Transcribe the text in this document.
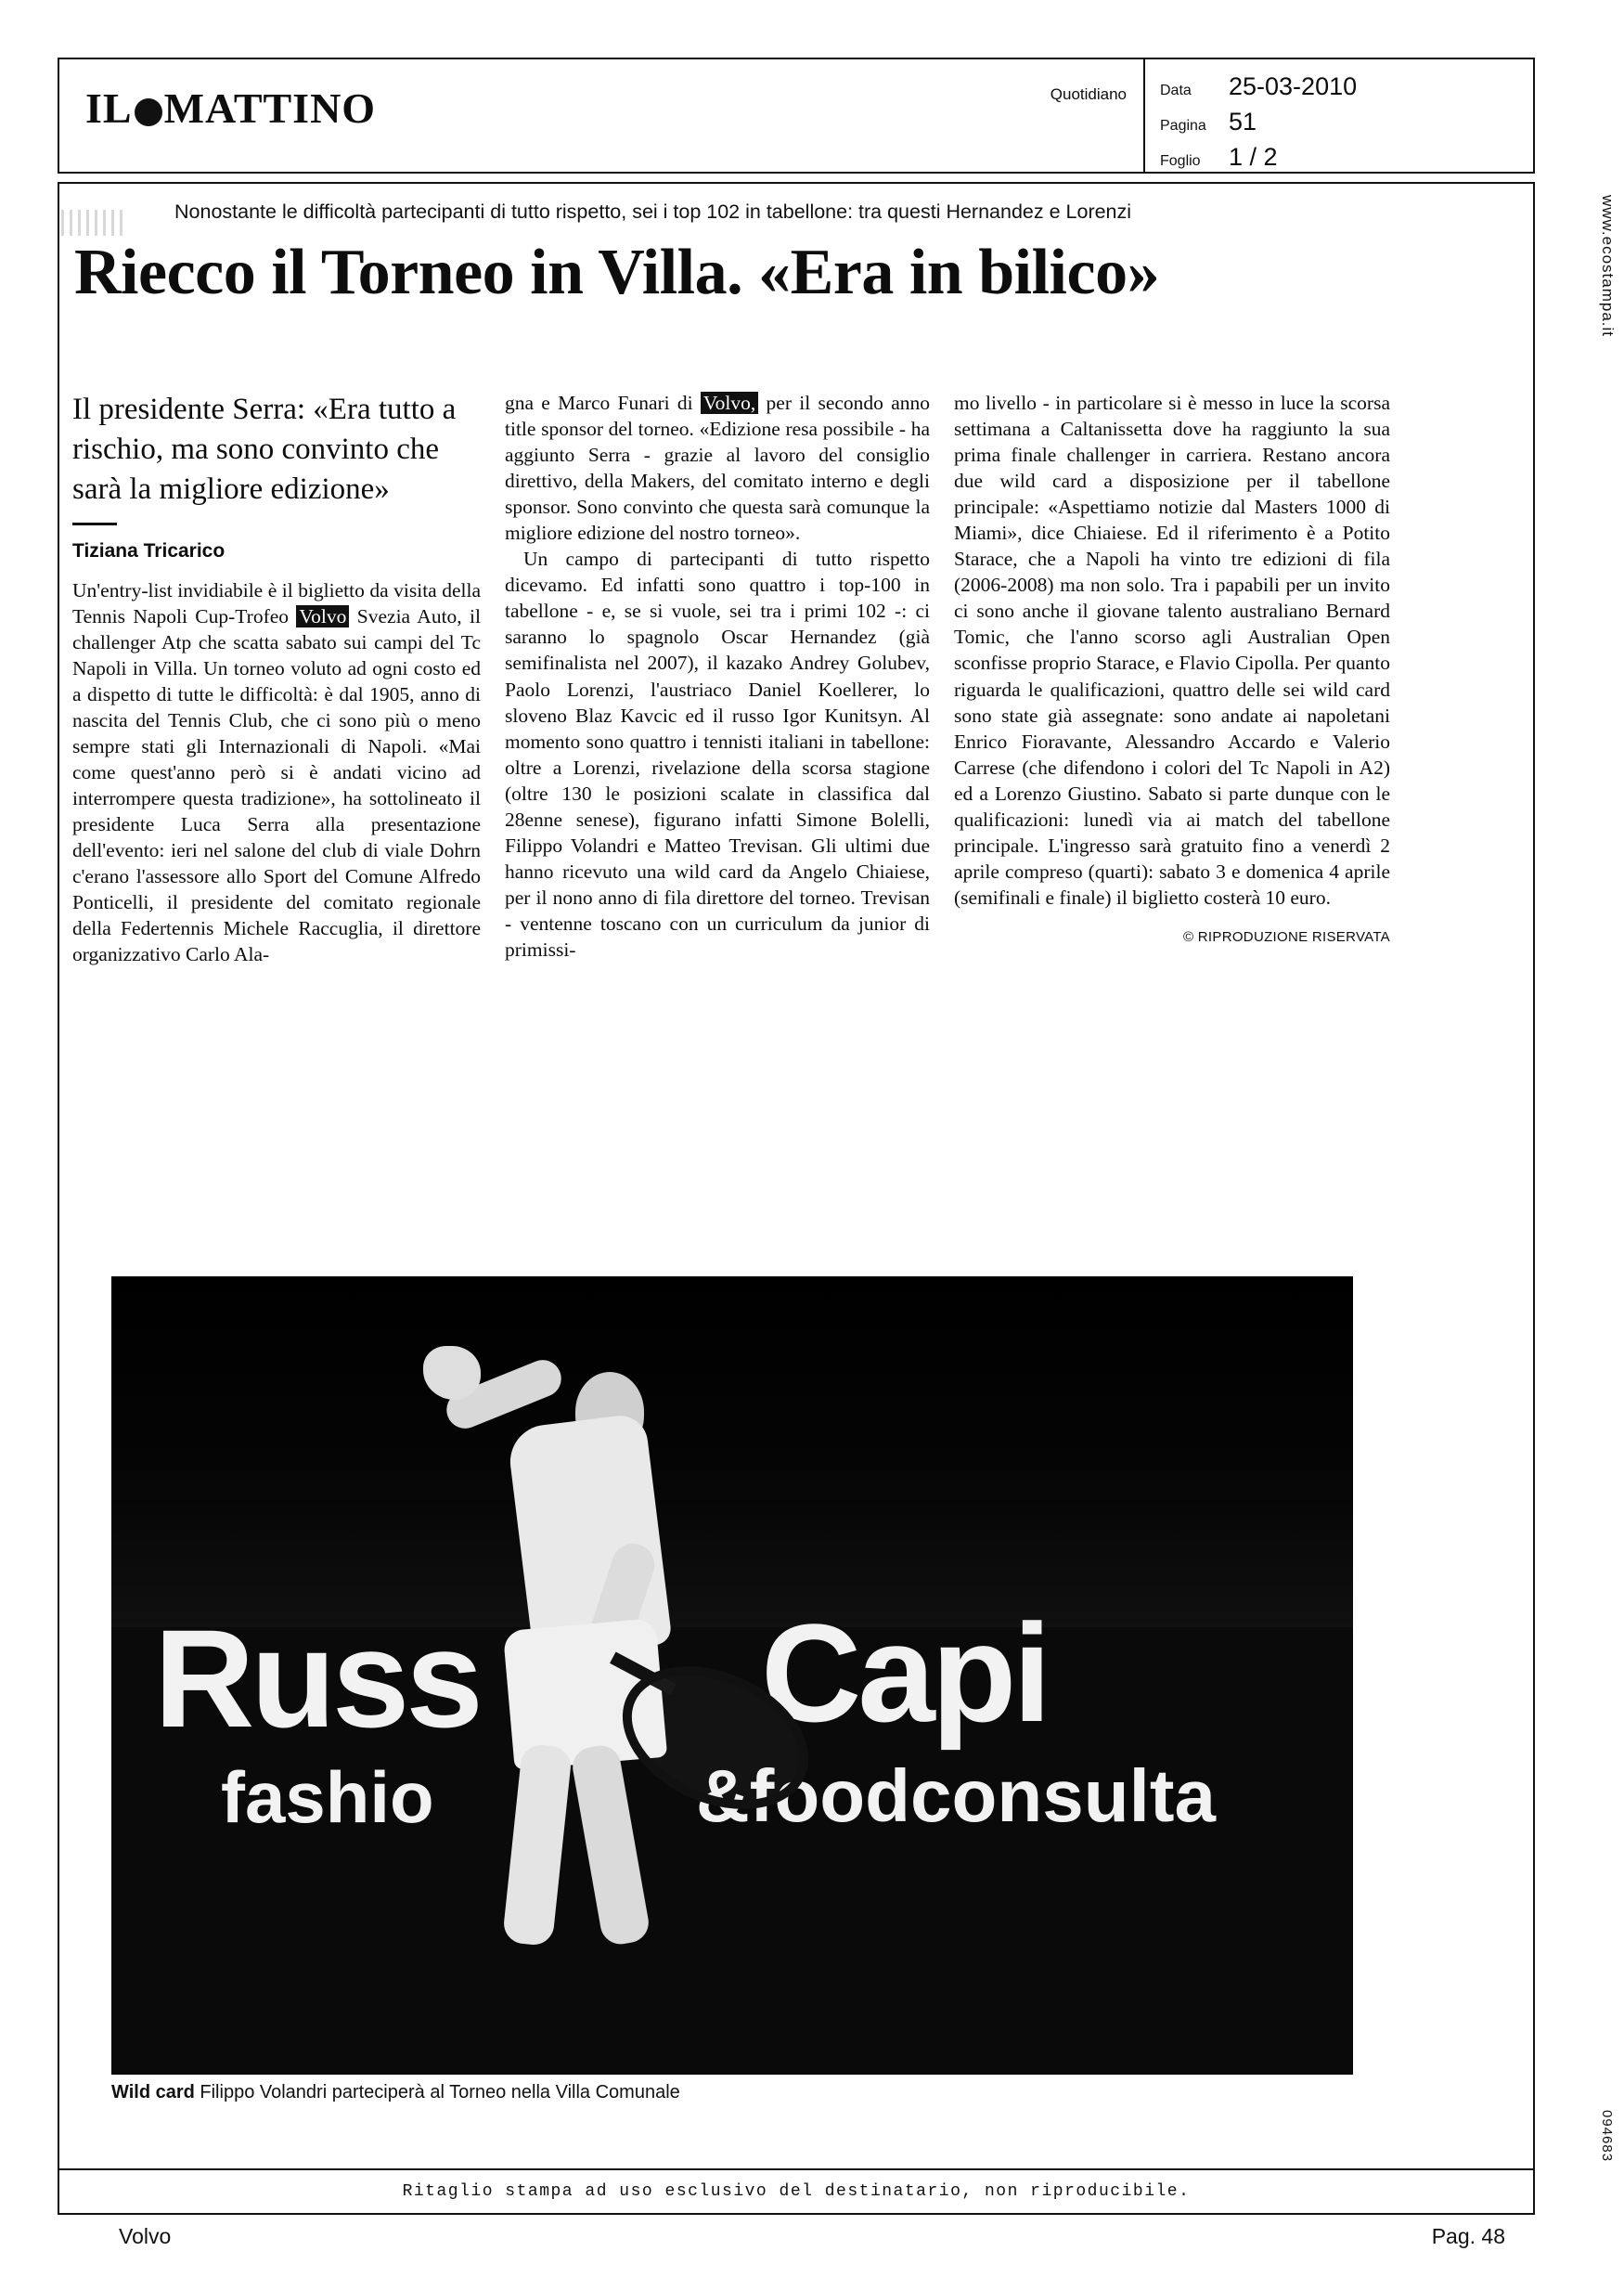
IL MATTINO	Quotidiano Data 25-03-2010
Pagina 51
Foglio 1 / 2
www.ecostampa.it
094683
Nonostante le difficoltà partecipanti di tutto rispetto, sei i top 102 in tabellone: tra questi Hernandez e Lorenzi
Riecco il Torneo in Villa. «Era in bilico»
Il presidente Serra: «Era tutto a rischio, ma sono convinto che sarà la migliore edizione»
Tiziana Tricarico

Un'entry-list invidiabile è il biglietto da visita della Tennis Napoli Cup-Trofeo Volvo Svezia Auto, il challenger Atp che scatta sabato sui campi del Tc Napoli in Villa. Un torneo voluto ad ogni costo ed a dispetto di tutte le difficoltà: è dal 1905, anno di nascita del Tennis Club, che ci sono più o meno sempre stati gli Internazionali di Napoli. «Mai come quest'anno però si è andati vicino ad interrompere questa tradizione», ha sottolineato il presidente Luca Serra alla presentazione dell'evento: ieri nel salone del club di viale Dohrn c'erano l'assessore allo Sport del Comune Alfredo Ponticelli, il presidente del comitato regionale della Federtennis Michele Raccuglia, il direttore organizzativo Carlo Ala-

gna e Marco Funari di Volvo, per il secondo anno title sponsor del torneo. «Edizione resa possibile - ha aggiunto Serra - grazie al lavoro del consiglio direttivo, della Makers, del comitato interno e degli sponsor. Sono convinto che questa sarà comunque la migliore edizione del nostro torneo».

Un campo di partecipanti di tutto rispetto dicevamo. Ed infatti sono quattro i top-100 in tabellone - e, se si vuole, sei tra i primi 102 -: ci saranno lo spagnolo Oscar Hernandez (già semifinalista nel 2007), il kazako Andrey Golubev, Paolo Lorenzi, l'austriaco Daniel Koellerer, lo sloveno Blaz Kavcic ed il russo Igor Kunitsyn. Al momento sono quattro i tennisti italiani in tabellone: oltre a Lorenzi, rivelazione della scorsa stagione (oltre 130 le posizioni scalate in classifica dal 28enne senese), figurano infatti Simone Bolelli, Filippo Volandri e Matteo Trevisan. Gli ultimi due hanno ricevuto una wild card da Angelo Chiaiese, per il nono anno di fila direttore del torneo. Trevisan - ventenne toscano con un curriculum da junior di primissi-

mo livello - in particolare si è messo in luce la scorsa settimana a Caltanissetta dove ha raggiunto la sua prima finale challenger in carriera. Restano ancora due wild card a disposizione per il tabellone principale: «Aspettiamo notizie dal Masters 1000 di Miami», dice Chiaiese. Ed il riferimento è a Potito Starace, che a Napoli ha vinto tre edizioni di fila (2006-2008) ma non solo. Tra i papabili per un invito ci sono anche il giovane talento australiano Bernard Tomic, che l'anno scorso agli Australian Open sconfisse proprio Starace, e Flavio Cipolla. Per quanto riguarda le qualificazioni, quattro delle sei wild card sono state già assegnate: sono andate ai napoletani Enrico Fioravante, Alessandro Accardo e Valerio Carrese (che difendono i colori del Tc Napoli in A2) ed a Lorenzo Giustino. Sabato si parte dunque con le qualificazioni: lunedì via ai match del tabellone principale. L'ingresso sarà gratuito fino a venerdì 2 aprile compreso (quarti): sabato 3 e domenica 4 aprile (semifinali e finale) il biglietto costerà 10 euro.

© RIPRODUZIONE RISERVATA
Russ Capi
fashio	&foodconsulta
Wild card Filippo Volandri parteciperà al Torneo nella Villa Comunale
Ritaglio stampa ad uso esclusivo del destinatario, non riproducibile.
Volvo	Pag. 48
